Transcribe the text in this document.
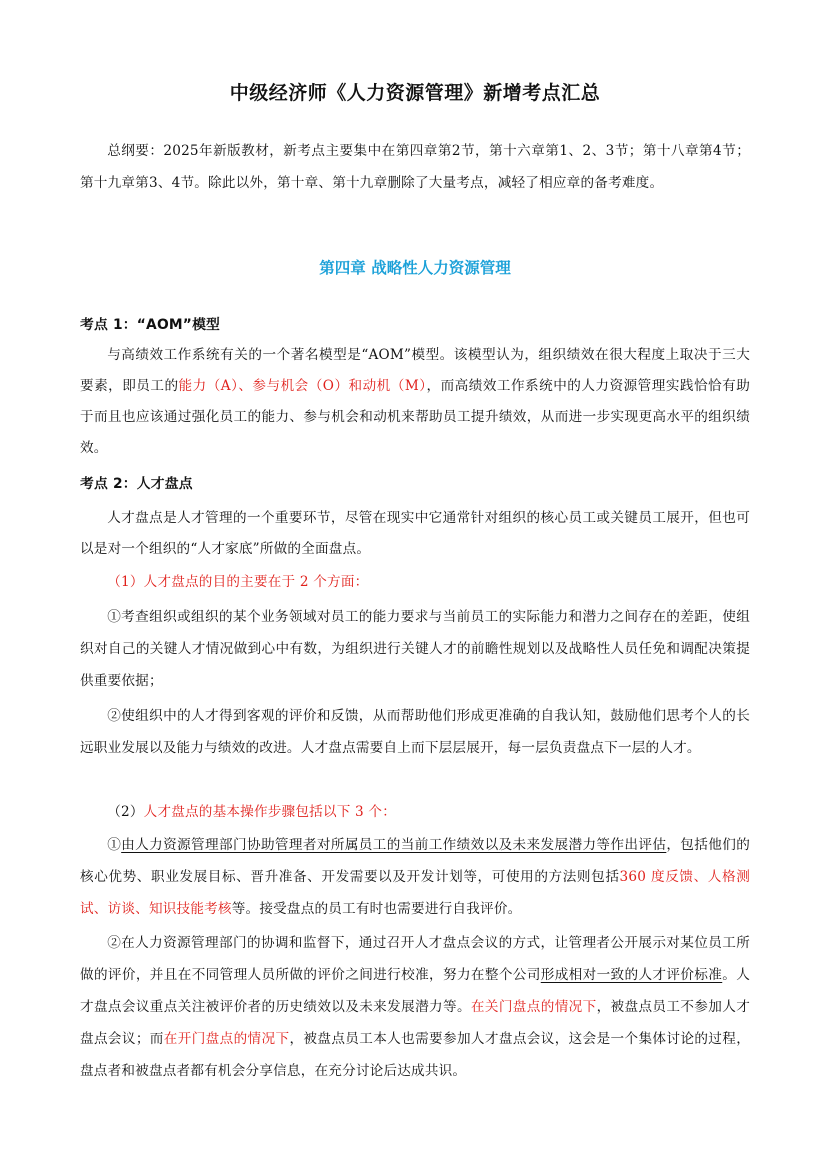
中级经济师《人力资源管理》新增考点汇总
总纲要：2025年新版教材，新考点主要集中在第四章第2节，第十六章第1、2、3节；第十八章第4节；第十九章第3、4节。除此以外，第十章、第十九章删除了大量考点，减轻了相应章的备考难度。
第四章 战略性人力资源管理
考点 1：“AOM”模型
与高绩效工作系统有关的一个著名模型是“AOM”模型。该模型认为，组织绩效在很大程度上取决于三大要素，即员工的能力（A）、参与机会（O）和动机（M），而高绩效工作系统中的人力资源管理实践恰恰有助于而且也应该通过强化员工的能力、参与机会和动机来帮助员工提升绩效，从而进一步实现更高水平的组织绩效。
考点 2：人才盘点
人才盘点是人才管理的一个重要环节，尽管在现实中它通常针对组织的核心员工或关键员工展开，但也可以是对一个组织的“人才家底”所做的全面盘点。
（1）人才盘点的目的主要在于 2 个方面：
①考查组织或组织的某个业务领域对员工的能力要求与当前员工的实际能力和潜力之间存在的差距，使组织对自己的关键人才情况做到心中有数，为组织进行关键人才的前瞻性规划以及战略性人员任免和调配决策提供重要依据；
②使组织中的人才得到客观的评价和反馈，从而帮助他们形成更准确的自我认知，鼓励他们思考个人的长远职业发展以及能力与绩效的改进。人才盘点需要自上而下层层展开，每一层负责盘点下一层的人才。
（2）人才盘点的基本操作步骤包括以下 3 个：
①由人力资源管理部门协助管理者对所属员工的当前工作绩效以及未来发展潜力等作出评估，包括他们的核心优势、职业发展目标、晋升准备、开发需要以及开发计划等，可使用的方法则包括360 度反馈、人格测试、访谈、知识技能考核等。接受盘点的员工有时也需要进行自我评价。
②在人力资源管理部门的协调和监督下，通过召开人才盘点会议的方式，让管理者公开展示对某位员工所做的评价，并且在不同管理人员所做的评价之间进行校准，努力在整个公司形成相对一致的人才评价标准。人才盘点会议重点关注被评价者的历史绩效以及未来发展潜力等。在关门盘点的情况下，被盘点员工不参加人才盘点会议；而在开门盘点的情况下，被盘点员工本人也需要参加人才盘点会议，这会是一个集体讨论的过程，盘点者和被盘点者都有机会分享信息，在充分讨论后达成共识。
